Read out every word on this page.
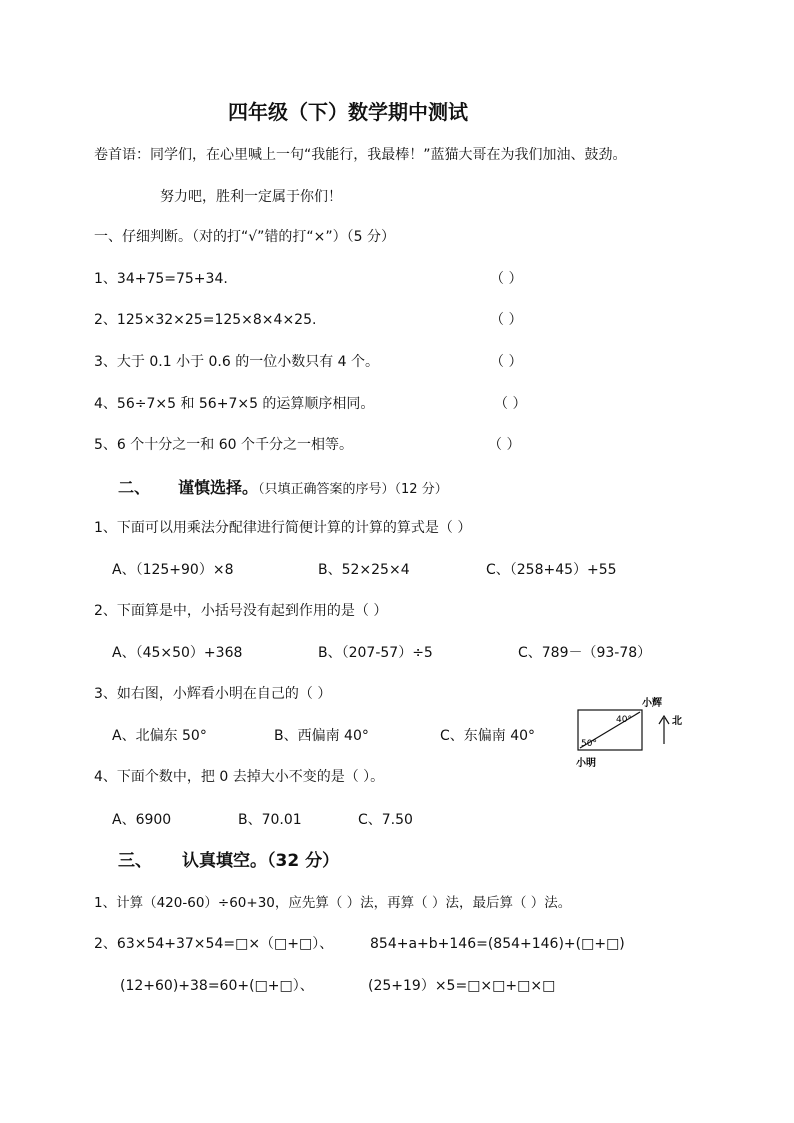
四年级（下）数学期中测试
卷首语：同学们，在心里喊上一句“我能行，我最棒！”蓝猫大哥在为我们加油、鼓劲。
努力吧，胜利一定属于你们！
一、仔细判断。（对的打“√”错的打“×”）（5 分）
1、34+75=75+34.	（ ）
2、125×32×25=125×8×4×25.	（ ）
3、大于 0.1 小于 0.6 的一位小数只有 4 个。	（ ）
4、56÷7×5 和 56+7×5 的运算顺序相同。	（ ）
5、6 个十分之一和 60 个千分之一相等。	（ ）
二、 谨慎选择。（只填正确答案的序号）（12 分）
1、下面可以用乘法分配律进行简便计算的计算的算式是（ ）
A、（125+90）×8	B、52×25×4	C、（258+45）+55
2、下面算是中，小括号没有起到作用的是（ ）
A、（45×50）+368	B、（207-57）÷5	C、789－（93-78）
3、如右图，小辉看小明在自己的（ ）
A、北偏东 50°	B、西偏南 40°	C、东偏南 40°
小辉
40°
50°
北
小明
4、下面个数中，把 0 去掉大小不变的是（ ）。
A、6900	B、70.01	C、7.50
三、 认真填空。（32 分）
1、计算（420-60）÷60+30，应先算（ ）法，再算（ ）法，最后算（ ）法。
2、63×54+37×54=□×（□+□）、	854+a+b+146=(854+146)+(□+□)
(12+60)+38=60+(□+□）、	(25+19）×5=□×□+□×□
